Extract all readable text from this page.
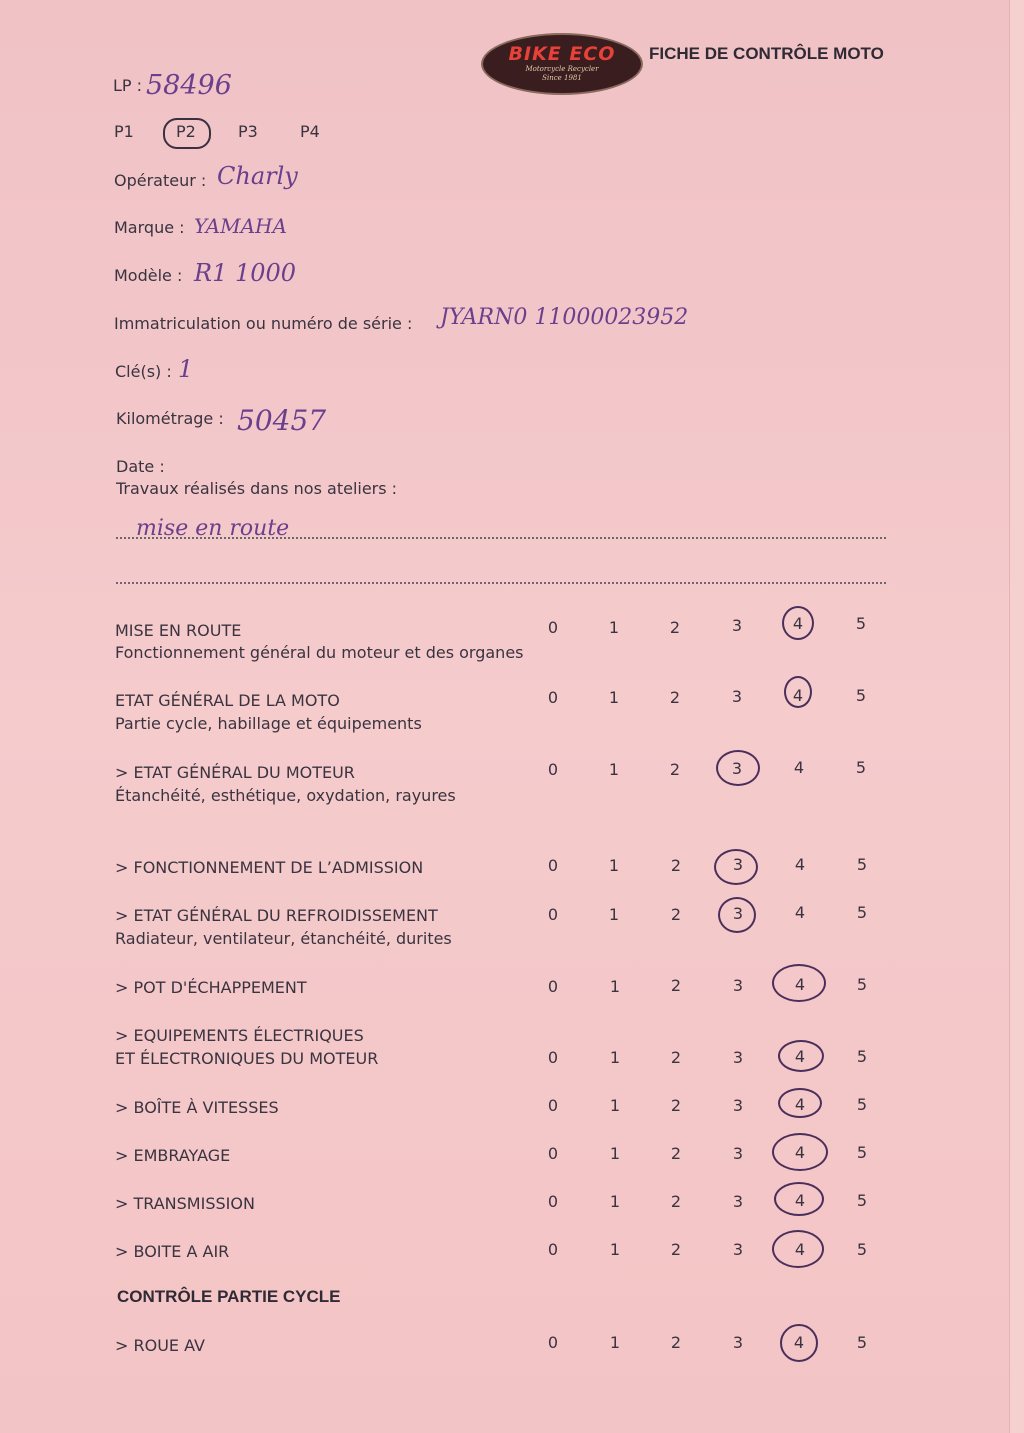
BIKE ECO
Motorcycle Recycler
Since 1981
FICHE DE CONTRÔLE MOTO
LP : 58496
P1	P2	P3	P4
Opérateur : Charly
Marque : YAMAHA
Modèle : R1 1000
Immatriculation ou numéro de série : JYARN0 11000023952
Clé(s) : 1
Kilométrage : 50457
Date :
Travaux réalisés dans nos ateliers :
mise en route
MISE EN ROUTE
Fonctionnement général du moteur et des organes
0	1	2	3	4	5
ETAT GÉNÉRAL DE LA MOTO
Partie cycle, habillage et équipements
0	1	2	3	4	5
> ETAT GÉNÉRAL DU MOTEUR
Étanchéité, esthétique, oxydation, rayures
0	1	2	3	4	5
> FONCTIONNEMENT DE L’ADMISSION	0	1	2	3	4	5
> ETAT GÉNÉRAL DU REFROIDISSEMENT
Radiateur, ventilateur, étanchéité, durites
0	1	2	3	4	5
> POT D'ÉCHAPPEMENT	0	1	2	3	4	5
> EQUIPEMENTS ÉLECTRIQUES
ET ÉLECTRONIQUES DU MOTEUR	0	1	2	3	4	5
> BOÎTE À VITESSES	0	1	2	3	4	5
> EMBRAYAGE	0	1	2	3	4	5
> TRANSMISSION	0	1	2	3	4	5
> BOITE A AIR	0	1	2	3	4	5
CONTRÔLE PARTIE CYCLE
> ROUE AV	0	1	2	3	4	5
